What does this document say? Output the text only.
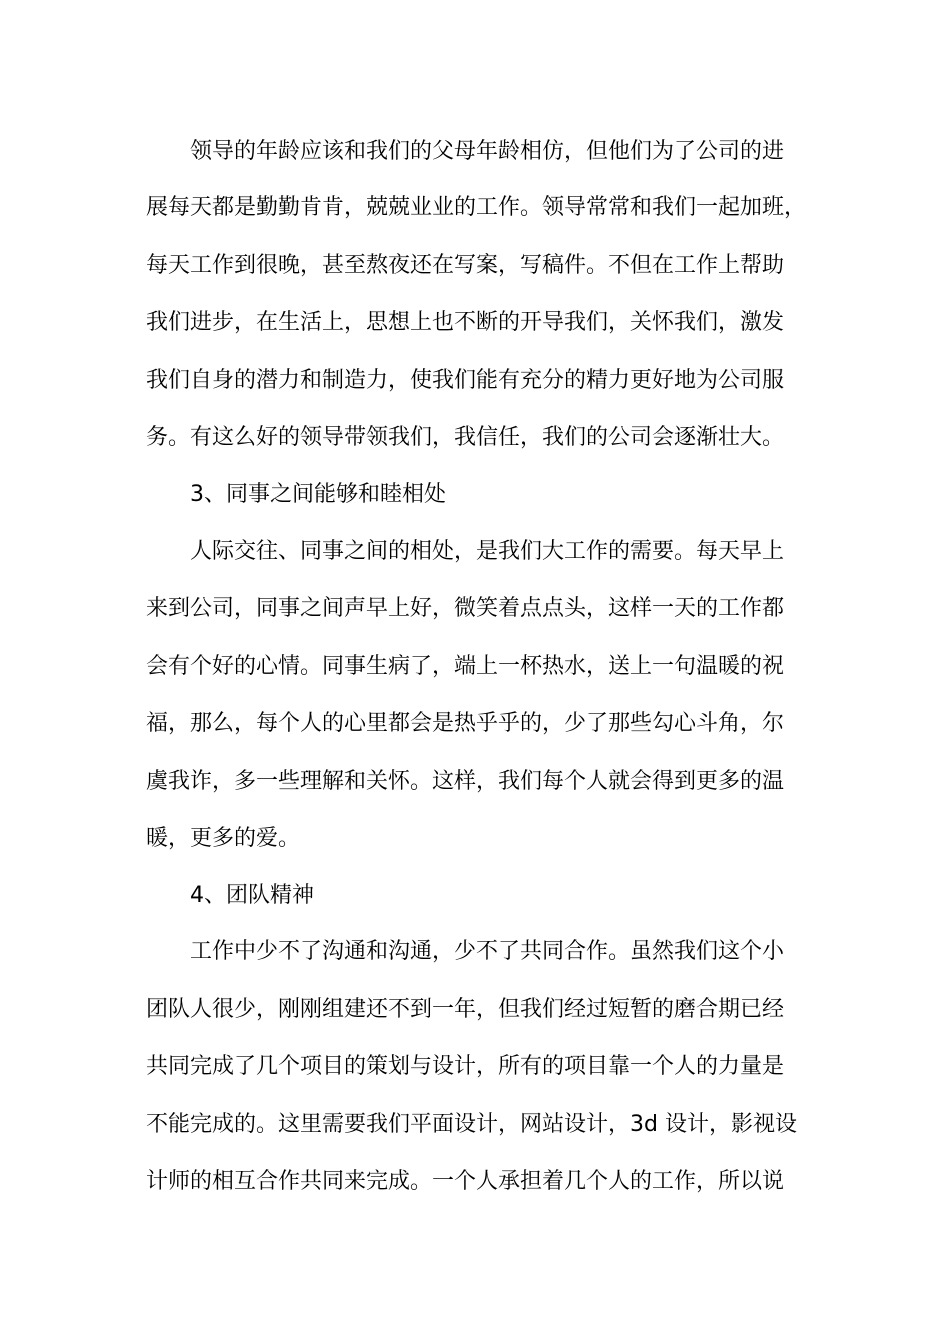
领导的年龄应该和我们的父母年龄相仿，但他们为了公司的进

展每天都是勤勤肯肯，兢兢业业的工作。领导常常和我们一起加班，

每天工作到很晚，甚至熬夜还在写案，写稿件。不但在工作上帮助

我们进步，在生活上，思想上也不断的开导我们，关怀我们，激发

我们自身的潜力和制造力，使我们能有充分的精力更好地为公司服

务。有这么好的领导带领我们，我信任，我们的公司会逐渐壮大。

3、同事之间能够和睦相处

人际交往、同事之间的相处，是我们大工作的需要。每天早上

来到公司，同事之间声早上好，微笑着点点头，这样一天的工作都

会有个好的心情。同事生病了，端上一杯热水，送上一句温暖的祝

福，那么，每个人的心里都会是热乎乎的，少了那些勾心斗角，尔

虞我诈，多一些理解和关怀。这样，我们每个人就会得到更多的温

暖，更多的爱。

4、团队精神

工作中少不了沟通和沟通，少不了共同合作。虽然我们这个小

团队人很少，刚刚组建还不到一年，但我们经过短暂的磨合期已经

共同完成了几个项目的策划与设计，所有的项目靠一个人的力量是

不能完成的。这里需要我们平面设计，网站设计，3d 设计，影视设

计师的相互合作共同来完成。一个人承担着几个人的工作，所以说
